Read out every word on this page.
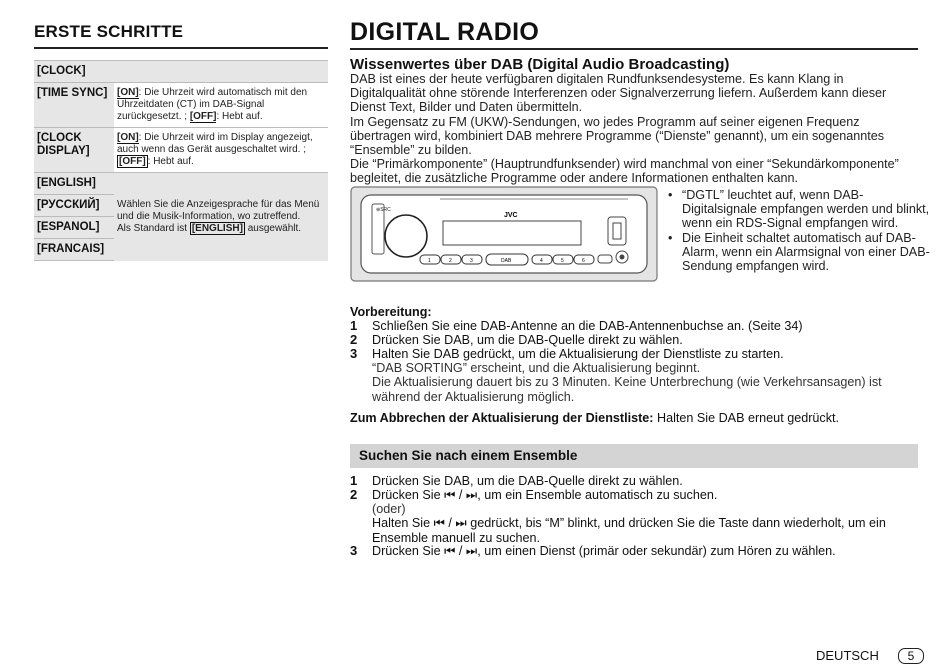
ERSTE SCHRITTE
[CLOCK]	
[TIME SYNC]	[ON]: Die Uhrzeit wird automatisch mit den Uhrzeitdaten (CT) im DAB-Signal zurückgesetzt. ; [OFF]: Hebt auf.
[CLOCK DISPLAY]	[ON]: Die Uhrzeit wird im Display angezeigt, auch wenn das Gerät ausgeschaltet wird. ; [OFF] : Hebt auf.
[ENGLISH]	Wählen Sie die Anzeigesprache für das Menü und die Musik-Information, wo zutreffend.
Als Standard ist [ENGLISH] ausgewählt.

[РУССКИЙ]	
[ESPANOL]	
[FRANCAIS]	
DIGITAL RADIO
Wissenwertes über DAB (Digital Audio Broadcasting)
DAB ist eines der heute verfügbaren digitalen Rundfunksendesysteme. Es kann Klang in Digitalqualität ohne störende Interferenzen oder Signalverzerrung liefern. Außerdem kann dieser Dienst Text, Bilder und Daten übermitteln.
Im Gegensatz zu FM (UKW)-Sendungen, wo jedes Programm auf seiner eigenen Frequenz übertragen wird, kombiniert DAB mehrere Programme (“Dienste” genannt), um ein sogenanntes “Ensemble” zu bilden.
Die “Primärkomponente” (Hauptrundfunksender) wird manchmal von einer “Sekundärkomponente” begleitet, die zusätzliche Programme oder andere Informationen enthalten kann.
⊕SRC
JVC
1	2	3	DAB	4	5	6
• “DGTL” leuchtet auf, wenn DAB-Digitalsignale empfangen werden und blinkt, wenn ein RDS-Signal empfangen wird.
• Die Einheit schaltet automatisch auf DAB-Alarm, wenn ein Alarmsignal von einer DAB-Sendung empfangen wird.
Vorbereitung:
1 Schließen Sie eine DAB-Antenne an die DAB-Antennenbuchse an. (Seite 34)
2 Drücken Sie DAB, um die DAB-Quelle direkt zu wählen.
3 Halten Sie DAB gedrückt, um die Aktualisierung der Dienstliste zu starten.
“DAB SORTING” erscheint, und die Aktualisierung beginnt.
Die Aktualisierung dauert bis zu 3 Minuten. Keine Unterbrechung (wie Verkehrsansagen) ist während der Aktualisierung möglich.
Zum Abbrechen der Aktualisierung der Dienstliste: Halten Sie DAB erneut gedrückt.
Suchen Sie nach einem Ensemble
1 Drücken Sie DAB, um die DAB-Quelle direkt zu wählen.
2 Drücken Sie ⏮ / ⏭, um ein Ensemble automatisch zu suchen.
(oder)
Halten Sie ⏮ / ⏭ gedrückt, bis “M” blinkt, und drücken Sie die Taste dann wiederholt, um ein Ensemble manuell zu suchen.
3 Drücken Sie ⏮ / ⏭, um einen Dienst (primär oder sekundär) zum Hören zu wählen.
DEUTSCH	5
